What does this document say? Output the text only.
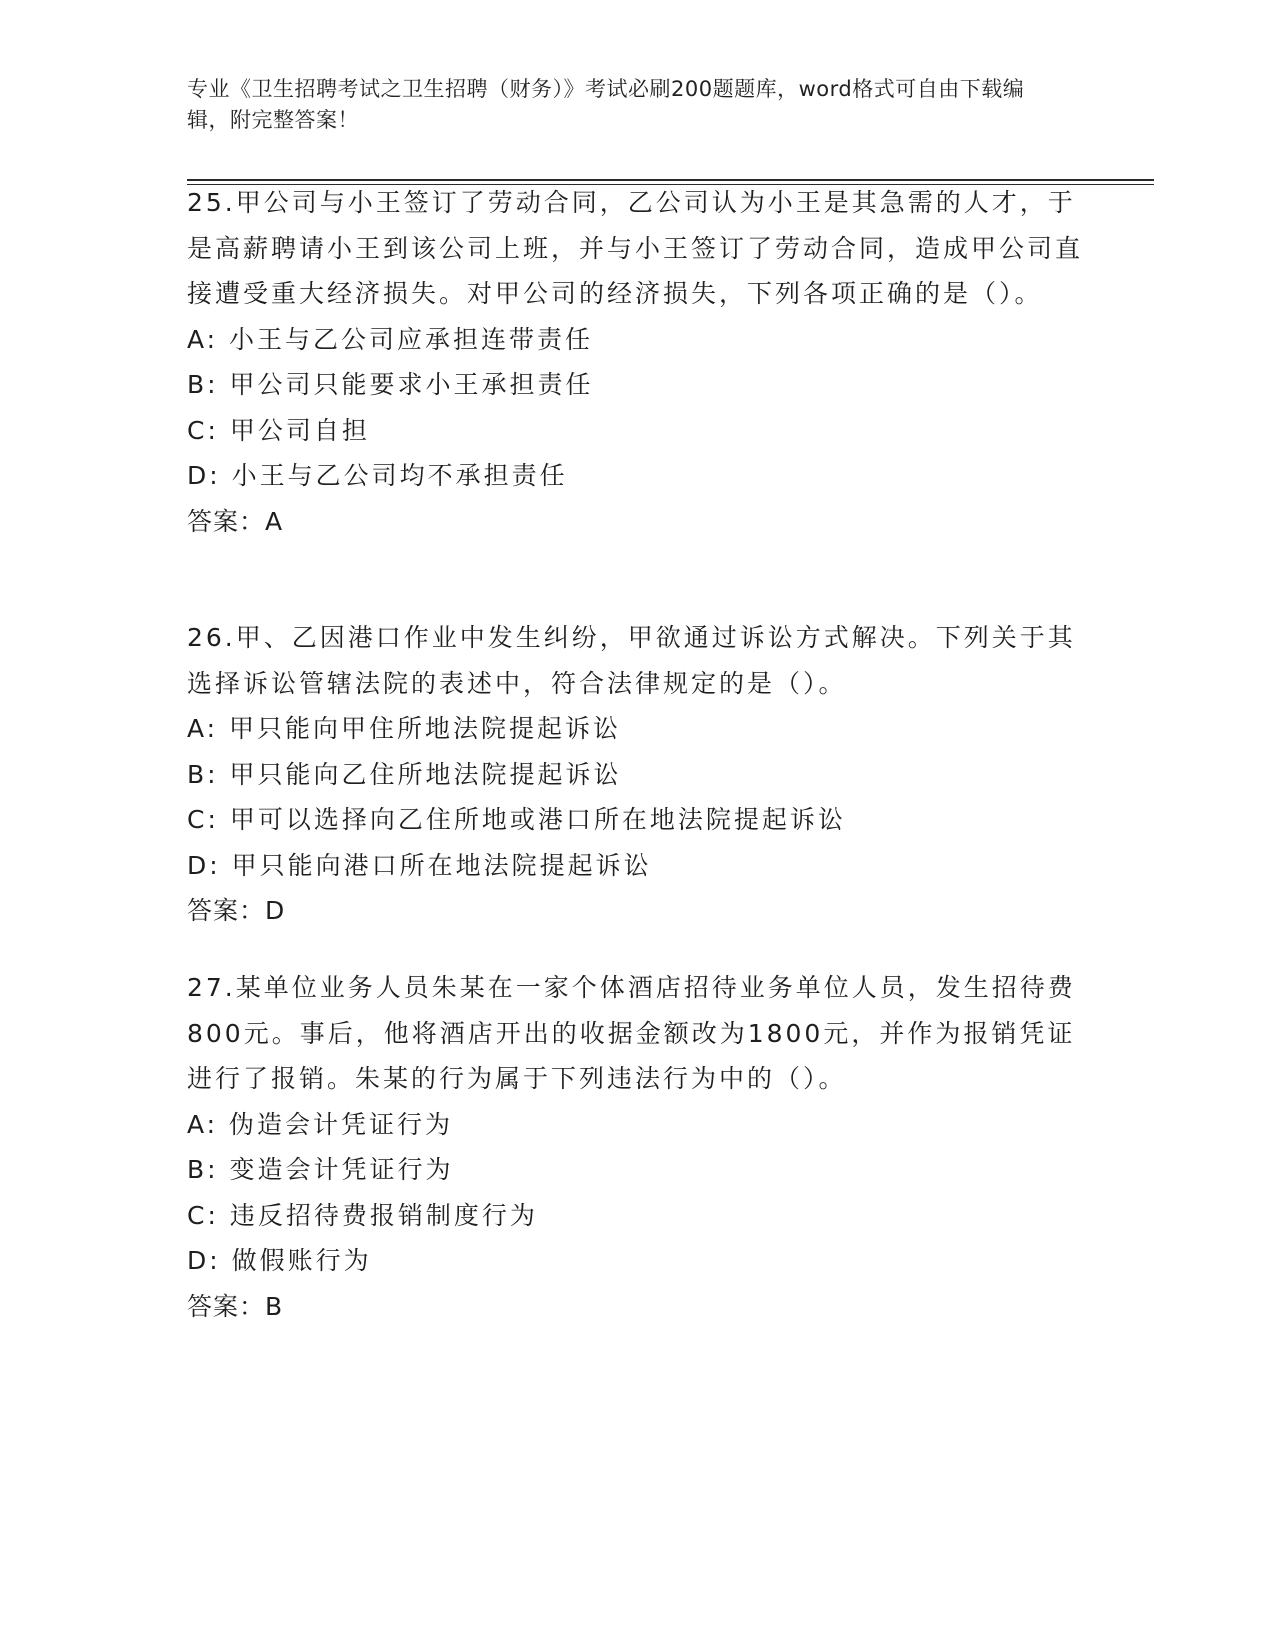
专业《卫生招聘考试之卫生招聘（财务）》考试必刷200题题库，word格式可自由下载编辑，附完整答案！

25.甲公司与小王签订了劳动合同，乙公司认为小王是其急需的人才，于是高薪聘请小王到该公司上班，并与小王签订了劳动合同，造成甲公司直接遭受重大经济损失。对甲公司的经济损失，下列各项正确的是（）。

A: 小王与乙公司应承担连带责任

B: 甲公司只能要求小王承担责任

C: 甲公司自担

D: 小王与乙公司均不承担责任

答案：A

26.甲、乙因港口作业中发生纠纷，甲欲通过诉讼方式解决。下列关于其选择诉讼管辖法院的表述中，符合法律规定的是（）。

A: 甲只能向甲住所地法院提起诉讼

B: 甲只能向乙住所地法院提起诉讼

C: 甲可以选择向乙住所地或港口所在地法院提起诉讼

D: 甲只能向港口所在地法院提起诉讼

答案：D

27.某单位业务人员朱某在一家个体酒店招待业务单位人员，发生招待费800元。事后，他将酒店开出的收据金额改为1800元，并作为报销凭证进行了报销。朱某的行为属于下列违法行为中的（）。

A: 伪造会计凭证行为

B: 变造会计凭证行为

C: 违反招待费报销制度行为

D: 做假账行为

答案：B
